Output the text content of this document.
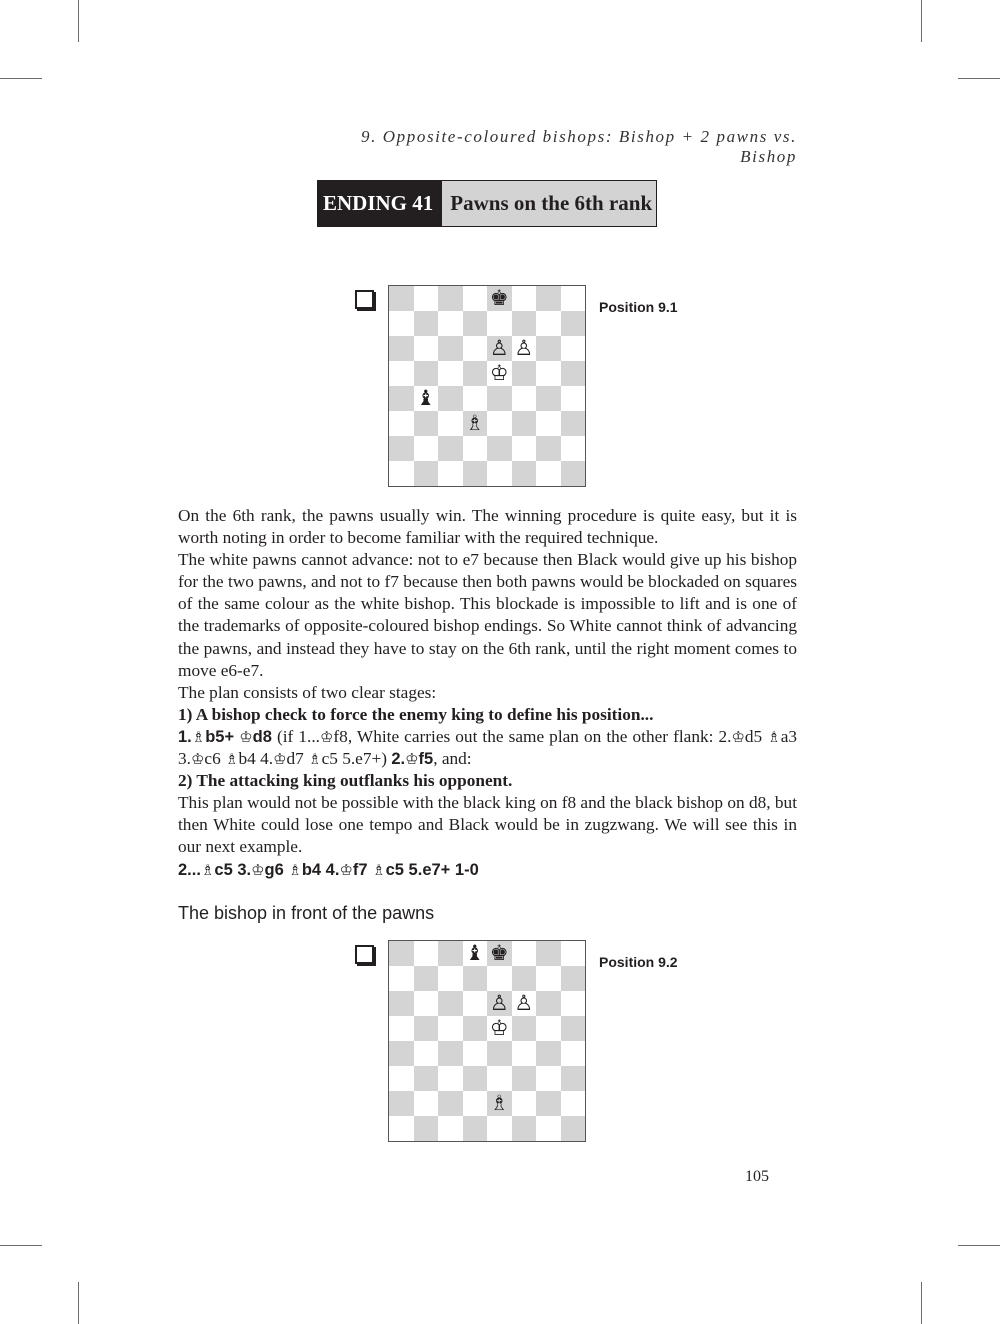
9. Opposite-coloured bishops: Bishop + 2 pawns vs. Bishop
ENDING 41 Pawns on the 6th rank
♚
♙ ♙
♔
♝
♗
Position 9.1

On the 6th rank, the pawns usually win. The winning procedure is quite easy, but it is worth noting in order to become familiar with the required technique.

The white pawns cannot advance: not to e7 because then Black would give up his bishop for the two pawns, and not to f7 because then both pawns would be blockaded on squares of the same colour as the white bishop. This blockade is impossible to lift and is one of the trademarks of opposite-coloured bishop endings. So White cannot think of advancing the pawns, and instead they have to stay on the 6th rank, until the right moment comes to move e6-e7.

The plan consists of two clear stages:

1) A bishop check to force the enemy king to define his position...

1.♗b5+ ♔d8 (if 1...♔f8, White carries out the same plan on the other flank: 2.♔d5 ♗a3 3.♔c6 ♗b4 4.♔d7 ♗c5 5.e7+) 2.♔f5, and:

2) The attacking king outflanks his opponent.

This plan would not be possible with the black king on f8 and the black bishop on d8, but then White could lose one tempo and Black would be in zugzwang. We will see this in our next example.

2...♗c5 3.♔g6 ♗b4 4.♔f7 ♗c5 5.e7+ 1-0

The bishop in front of the pawns
♝ ♚
♙ ♙
♔
♗
Position 9.2
105
